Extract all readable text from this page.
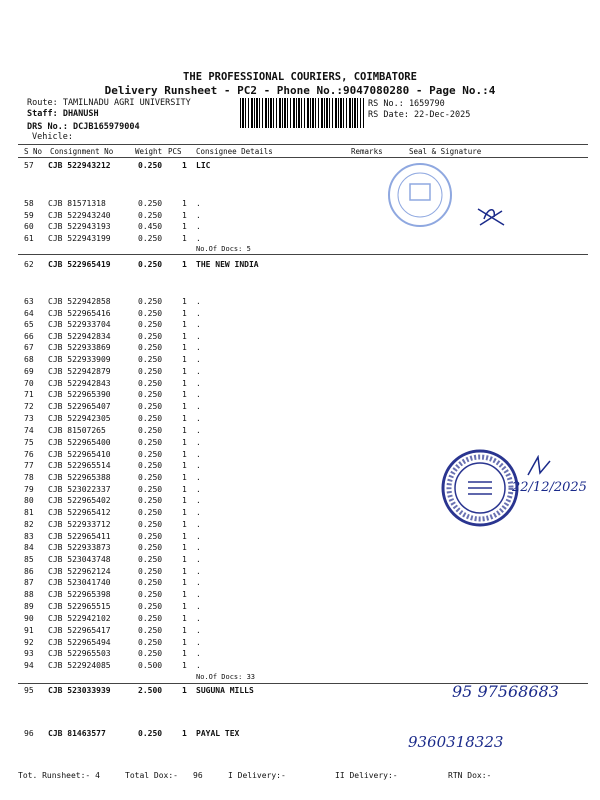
THE PROFESSIONAL COURIERS, COIMBATORE
Delivery Runsheet - PC2 - Phone No.:9047080280 - Page No.:4
Route: TAMILNADU AGRI UNIVERSITY
Staff: DHANUSH
DRS No.: DCJB165979004
Vehicle:
RS No.: 1659790
RS Date: 22-Dec-2025
S No Consignment No	Weight PCS Consignee Details	Remarks	Seal & Signature
57 CJB 522943212	0.250 1 LIC
58 CJB 81571318	0.250 1 .
59 CJB 522943240	0.250 1 .
60 CJB 522943193	0.450 1 .
61 CJB 522943199	0.250 1 .
62 CJB 522965419	0.250 1 THE NEW INDIA
63 CJB 522942858	0.250 1 .
64 CJB 522965416	0.250 1 .
65 CJB 522933704	0.250 1 .
66 CJB 522942834	0.250 1 .
67 CJB 522933869	0.250 1 .
68 CJB 522933909	0.250 1 .
69 CJB 522942879	0.250 1 .
70 CJB 522942843	0.250 1 .
71 CJB 522965390	0.250 1 .
72 CJB 522965407	0.250 1 .
73 CJB 522942305	0.250 1 .
74 CJB 81507265	0.250 1 .
75 CJB 522965400	0.250 1 .
76 CJB 522965410	0.250 1 .
77 CJB 522965514	0.250 1 .
78 CJB 522965388	0.250 1 .
79 CJB 523022337	0.250 1 .
80 CJB 522965402	0.250 1 .
81 CJB 522965412	0.250 1 .
82 CJB 522933712	0.250 1 .
83 CJB 522965411	0.250 1 .
84 CJB 522933873	0.250 1 .
85 CJB 523043748	0.250 1 .
86 CJB 522962124	0.250 1 .
87 CJB 523041740	0.250 1 .
88 CJB 522965398	0.250 1 .
89 CJB 522965515	0.250 1 .
90 CJB 522942102	0.250 1 .
91 CJB 522965417	0.250 1 .
92 CJB 522965494	0.250 1 .
93 CJB 522965503	0.250 1 .
94 CJB 522924085	0.500 1 .
95 CJB 523033939	2.500 1 SUGUNA MILLS
96 CJB 81463577	0.250 1 PAYAL TEX
No.Of Docs: 5
No.Of Docs: 33
22/12/2025
95 97568683
9360318323
Tot. Runsheet:- 4	Total Dox:- 96	I Delivery:-	II Delivery:-	RTN Dox:-
